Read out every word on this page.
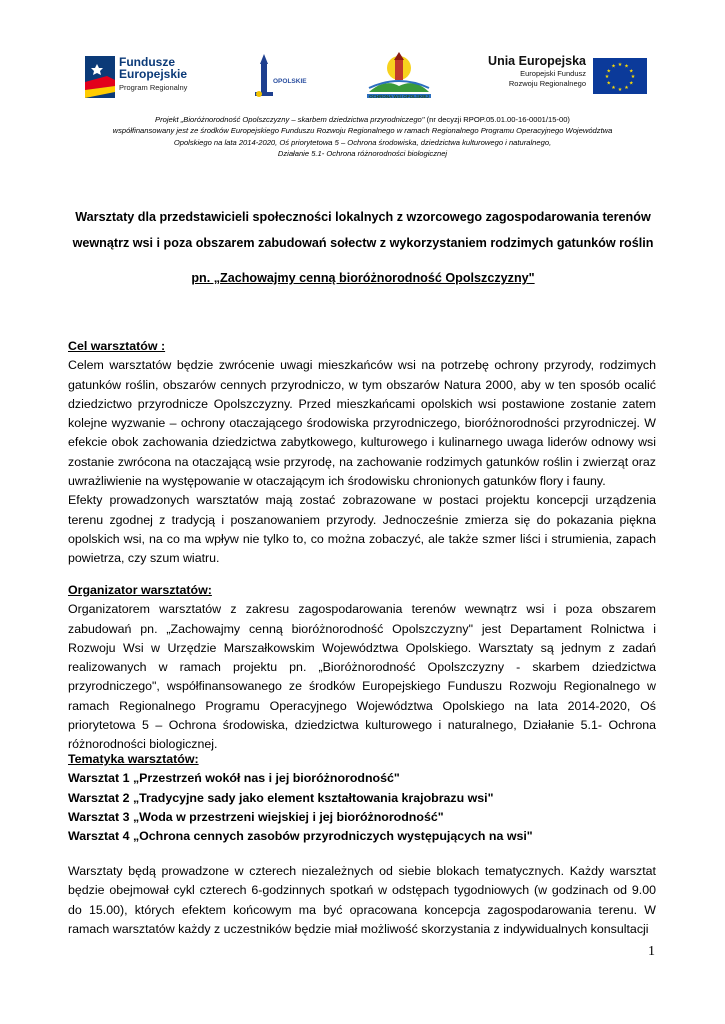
Fundusze
Europejskie
Program Regionalny
OPOLSKIE
OCHRONA WSI OPOLSKIEJ
Unia Europejska
Europejski Fundusz
Rozwoju Regionalnego
★ ★
★
★
★
★
★
★
★
★
★
★
Projekt „Bioróżnorodność Opolszczyzny – skarbem dziedzictwa przyrodniczego" (nr decyzji RPOP.05.01.00-16-0001/15-00)
współfinansowany jest ze środków Europejskiego Funduszu Rozwoju Regionalnego w ramach Regionalnego Programu Operacyjnego Województwa
Opolskiego na lata 2014-2020, Oś priorytetowa 5 – Ochrona środowiska, dziedzictwa kulturowego i naturalnego,
Działanie 5.1- Ochrona różnorodności biologicznej
Warsztaty dla przedstawicieli społeczności lokalnych z wzorcowego zagospodarowania terenów
wewnątrz wsi i poza obszarem zabudowań sołectw z wykorzystaniem rodzimych gatunków roślin
pn. „Zachowajmy cenną bioróżnorodność Opolszczyzny"
Cel warsztatów :

Celem warsztatów będzie zwrócenie uwagi mieszkańców wsi na potrzebę ochrony przyrody, rodzimych gatunków roślin, obszarów cennych przyrodniczo, w tym obszarów Natura 2000, aby w ten sposób ocalić dziedzictwo przyrodnicze Opolszczyzny. Przed mieszkańcami opolskich wsi postawione zostanie zatem kolejne wyzwanie – ochrony otaczającego środowiska przyrodniczego, bioróżnorodności przyrodniczej. W efekcie obok zachowania dziedzictwa zabytkowego, kulturowego i kulinarnego uwaga liderów odnowy wsi zostanie zwrócona na otaczającą wsie przyrodę, na zachowanie rodzimych gatunków roślin i zwierząt oraz uwrażliwienie na występowanie w otaczającym ich środowisku chronionych gatunków flory i fauny.

Efekty prowadzonych warsztatów mają zostać zobrazowane w postaci projektu koncepcji urządzenia terenu zgodnej z tradycją i poszanowaniem przyrody. Jednocześnie zmierza się do pokazania piękna opolskich wsi, na co ma wpływ nie tylko to, co można zobaczyć, ale także szmer liści i strumienia, zapach powietrza, czy szum wiatru.

Organizator warsztatów:

Organizatorem warsztatów z zakresu zagospodarowania terenów wewnątrz wsi i poza obszarem zabudowań pn. „Zachowajmy cenną bioróżnorodność Opolszczyzny" jest Departament Rolnictwa i Rozwoju Wsi w Urzędzie Marszałkowskim Województwa Opolskiego. Warsztaty są jednym z zadań realizowanych w ramach projektu pn. „Bioróżnorodność Opolszczyzny - skarbem dziedzictwa przyrodniczego", współfinansowanego ze środków Europejskiego Funduszu Rozwoju Regionalnego w ramach Regionalnego Programu Operacyjnego Województwa Opolskiego na lata 2014-2020, Oś priorytetowa 5 – Ochrona środowiska, dziedzictwa kulturowego i naturalnego, Działanie 5.1- Ochrona różnorodności biologicznej.

Tematyka warsztatów:
Warsztat 1 „Przestrzeń wokół nas i jej bioróżnorodność"
Warsztat 2 „Tradycyjne sady jako element kształtowania krajobrazu wsi"
Warsztat 3 „Woda w przestrzeni wiejskiej i jej bioróżnorodność"
Warsztat 4 „Ochrona cennych zasobów przyrodniczych występujących na wsi"

Warsztaty będą prowadzone w czterech niezależnych od siebie blokach tematycznych. Każdy warsztat będzie obejmował cykl czterech 6-godzinnych spotkań w odstępach tygodniowych (w godzinach od 9.00 do 15.00), których efektem końcowym ma być opracowana koncepcja zagospodarowania terenu. W ramach warsztatów każdy z uczestników będzie miał możliwość skorzystania z indywidualnych konsultacji

1
